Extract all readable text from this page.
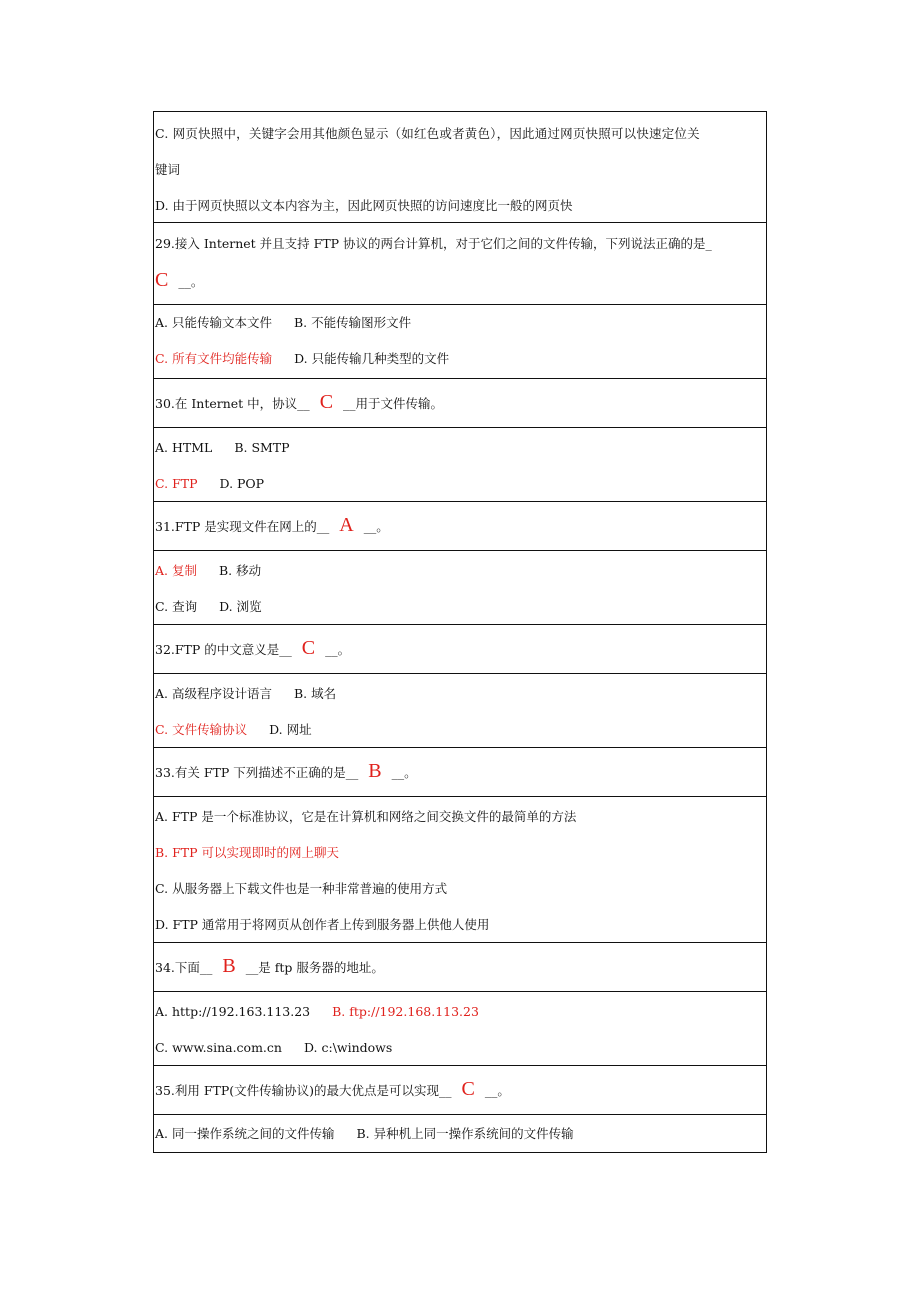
C. 网页快照中，关键字会用其他颜色显示（如红色或者黄色），因此通过网页快照可以快速定位关
键词
D. 由于网页快照以文本内容为主，因此网页快照的访问速度比一般的网页快
29.接入 Internet 并且支持 FTP 协议的两台计算机，对于它们之间的文件传输，下列说法正确的是_
C __。
A. 只能传输文本文件 B. 不能传输图形文件
C. 所有文件均能传输 D. 只能传输几种类型的文件
30.在 Internet 中，协议__ C __用于文件传输。
A. HTML B. SMTP
C. FTP D. POP
31.FTP 是实现文件在网上的__ A __。
A. 复制 B. 移动
C. 查询 D. 浏览
32.FTP 的中文意义是__ C __。
A. 高级程序设计语言 B. 域名
C. 文件传输协议 D. 网址
33.有关 FTP 下列描述不正确的是__ B __。
A. FTP 是一个标准协议，它是在计算机和网络之间交换文件的最简单的方法
B. FTP 可以实现即时的网上聊天
C. 从服务器上下载文件也是一种非常普遍的使用方式
D. FTP 通常用于将网页从创作者上传到服务器上供他人使用
34.下面__ B __是 ftp 服务器的地址。
A. http://192.163.113.23 B. ftp://192.168.113.23
C. www.sina.com.cn D. c:\windows
35.利用 FTP(文件传输协议)的最大优点是可以实现__ C __。
A. 同一操作系统之间的文件传输 B. 异种机上同一操作系统间的文件传输
